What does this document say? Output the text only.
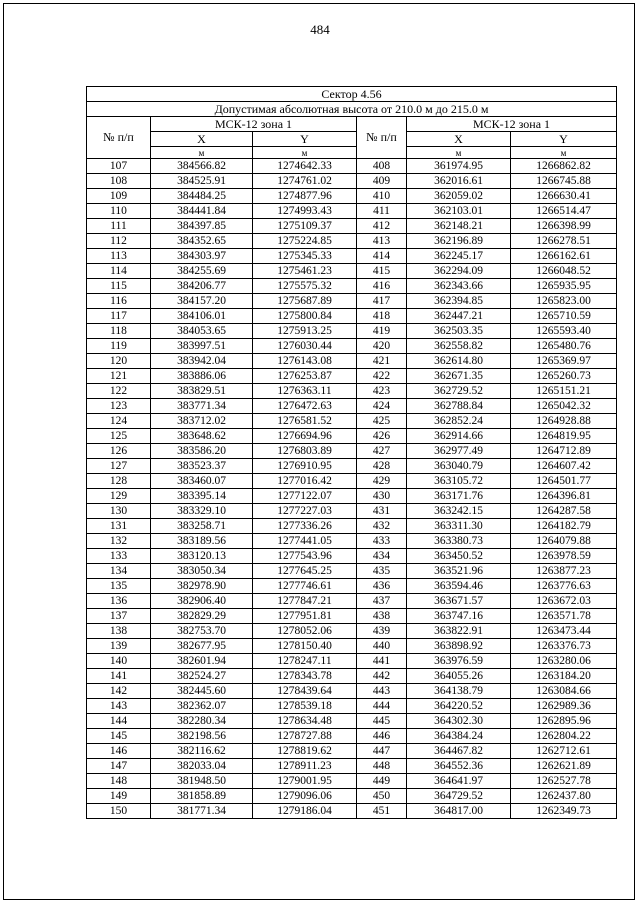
484
Сектор 4.56					
Допустимая абсолютная высота от 210.0 м до 215.0 м					
№ п/п	МСК-12 зона 1		№ п/п	МСК-12 зона 1	
	X	Y		X	Y
	м	м		м	м
107	384566.82	1274642.33	408	361974.95	1266862.82
108	384525.91	1274761.02	409	362016.61	1266745.88
109	384484.25	1274877.96	410	362059.02	1266630.41
110	384441.84	1274993.43	411	362103.01	1266514.47
111	384397.85	1275109.37	412	362148.21	1266398.99
112	384352.65	1275224.85	413	362196.89	1266278.51
113	384303.97	1275345.33	414	362245.17	1266162.61
114	384255.69	1275461.23	415	362294.09	1266048.52
115	384206.77	1275575.32	416	362343.66	1265935.95
116	384157.20	1275687.89	417	362394.85	1265823.00
117	384106.01	1275800.84	418	362447.21	1265710.59
118	384053.65	1275913.25	419	362503.35	1265593.40
119	383997.51	1276030.44	420	362558.82	1265480.76
120	383942.04	1276143.08	421	362614.80	1265369.97
121	383886.06	1276253.87	422	362671.35	1265260.73
122	383829.51	1276363.11	423	362729.52	1265151.21
123	383771.34	1276472.63	424	362788.84	1265042.32
124	383712.02	1276581.52	425	362852.24	1264928.88
125	383648.62	1276694.96	426	362914.66	1264819.95
126	383586.20	1276803.89	427	362977.49	1264712.89
127	383523.37	1276910.95	428	363040.79	1264607.42
128	383460.07	1277016.42	429	363105.72	1264501.77
129	383395.14	1277122.07	430	363171.76	1264396.81
130	383329.10	1277227.03	431	363242.15	1264287.58
131	383258.71	1277336.26	432	363311.30	1264182.79
132	383189.56	1277441.05	433	363380.73	1264079.88
133	383120.13	1277543.96	434	363450.52	1263978.59
134	383050.34	1277645.25	435	363521.96	1263877.23
135	382978.90	1277746.61	436	363594.46	1263776.63
136	382906.40	1277847.21	437	363671.57	1263672.03
137	382829.29	1277951.81	438	363747.16	1263571.78
138	382753.70	1278052.06	439	363822.91	1263473.44
139	382677.95	1278150.40	440	363898.92	1263376.73
140	382601.94	1278247.11	441	363976.59	1263280.06
141	382524.27	1278343.78	442	364055.26	1263184.20
142	382445.60	1278439.64	443	364138.79	1263084.66
143	382362.07	1278539.18	444	364220.52	1262989.36
144	382280.34	1278634.48	445	364302.30	1262895.96
145	382198.56	1278727.88	446	364384.24	1262804.22
146	382116.62	1278819.62	447	364467.82	1262712.61
147	382033.04	1278911.23	448	364552.36	1262621.89
148	381948.50	1279001.95	449	364641.97	1262527.78
149	381858.89	1279096.06	450	364729.52	1262437.80
150	381771.34	1279186.04	451	364817.00	1262349.73
